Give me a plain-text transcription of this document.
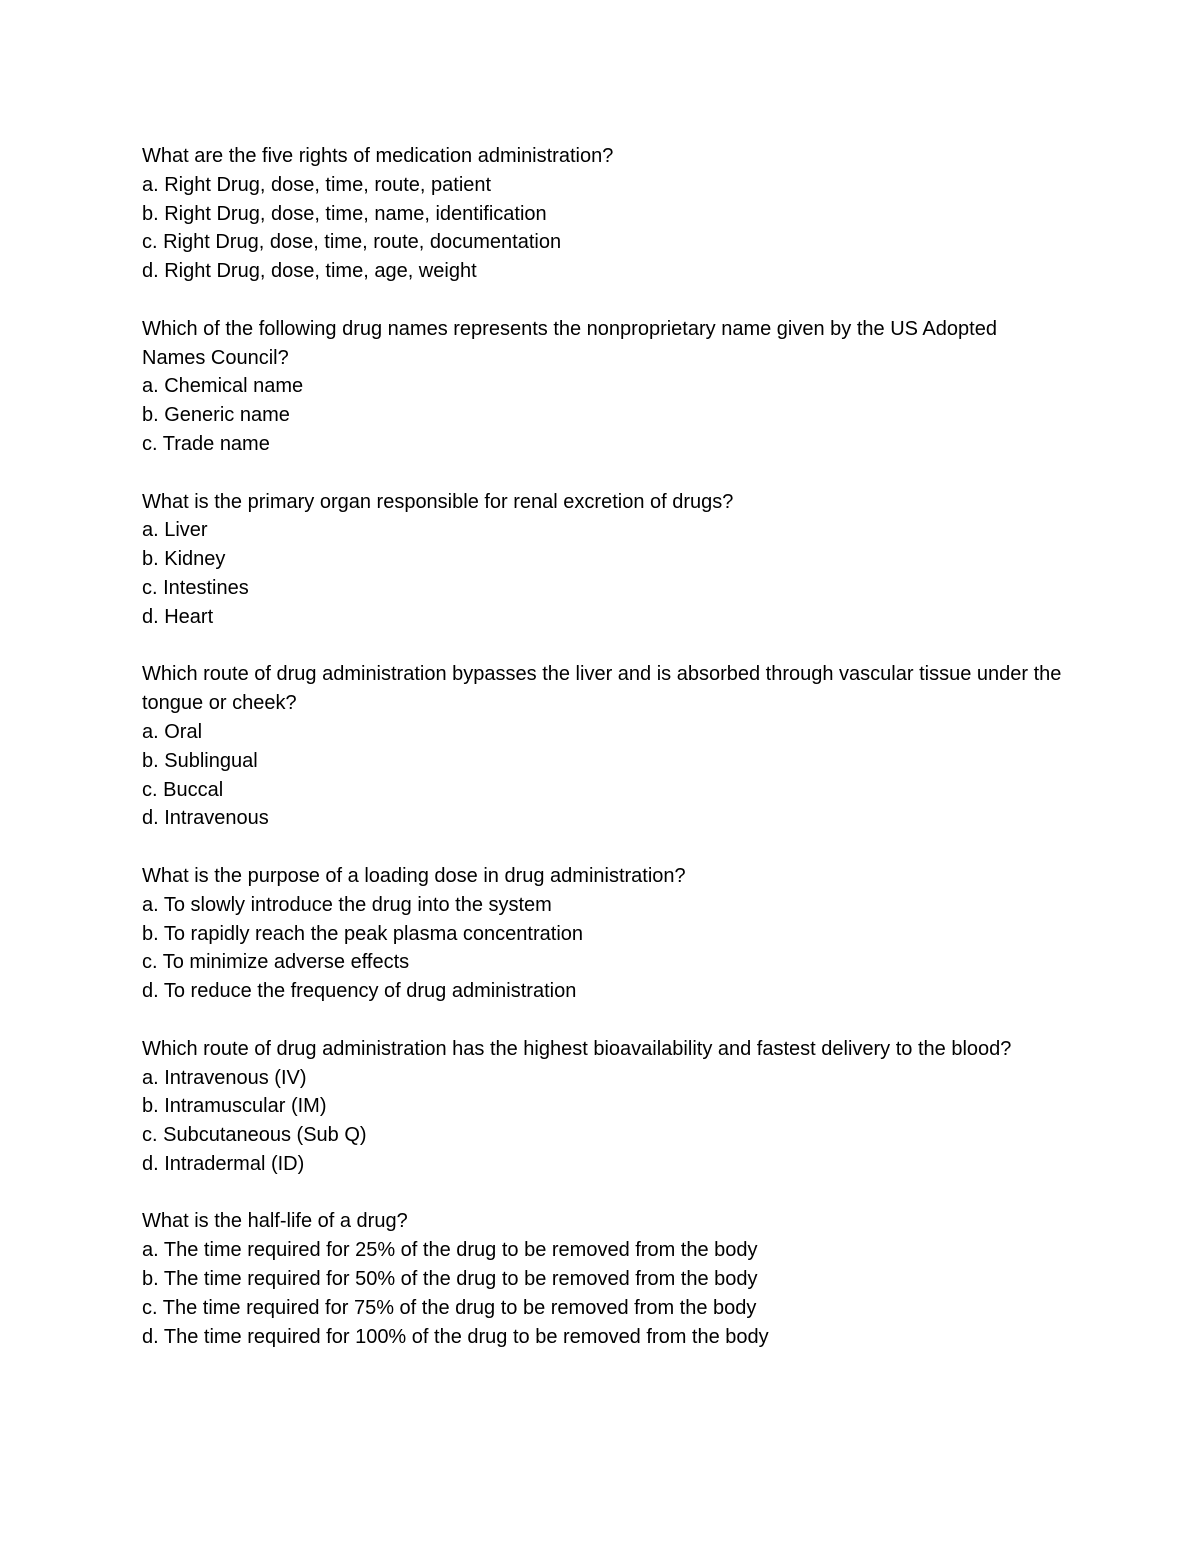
What are the five rights of medication administration?

a. Right Drug, dose, time, route, patient
b. Right Drug, dose, time, name, identification
c. Right Drug, dose, time, route, documentation
d. Right Drug, dose, time, age, weight

Which of the following drug names represents the nonproprietary name given by the US Adopted Names Council?

a. Chemical name
b. Generic name
c. Trade name

What is the primary organ responsible for renal excretion of drugs?

a. Liver
b. Kidney
c. Intestines
d. Heart

Which route of drug administration bypasses the liver and is absorbed through vascular tissue under the tongue or cheek?

a. Oral
b. Sublingual
c. Buccal
d. Intravenous

What is the purpose of a loading dose in drug administration?

a. To slowly introduce the drug into the system
b. To rapidly reach the peak plasma concentration
c. To minimize adverse effects
d. To reduce the frequency of drug administration

Which route of drug administration has the highest bioavailability and fastest delivery to the blood?

a. Intravenous (IV)
b. Intramuscular (IM)
c. Subcutaneous (Sub Q)
d. Intradermal (ID)

What is the half-life of a drug?

a. The time required for 25% of the drug to be removed from the body
b. The time required for 50% of the drug to be removed from the body
c. The time required for 75% of the drug to be removed from the body
d. The time required for 100% of the drug to be removed from the body
